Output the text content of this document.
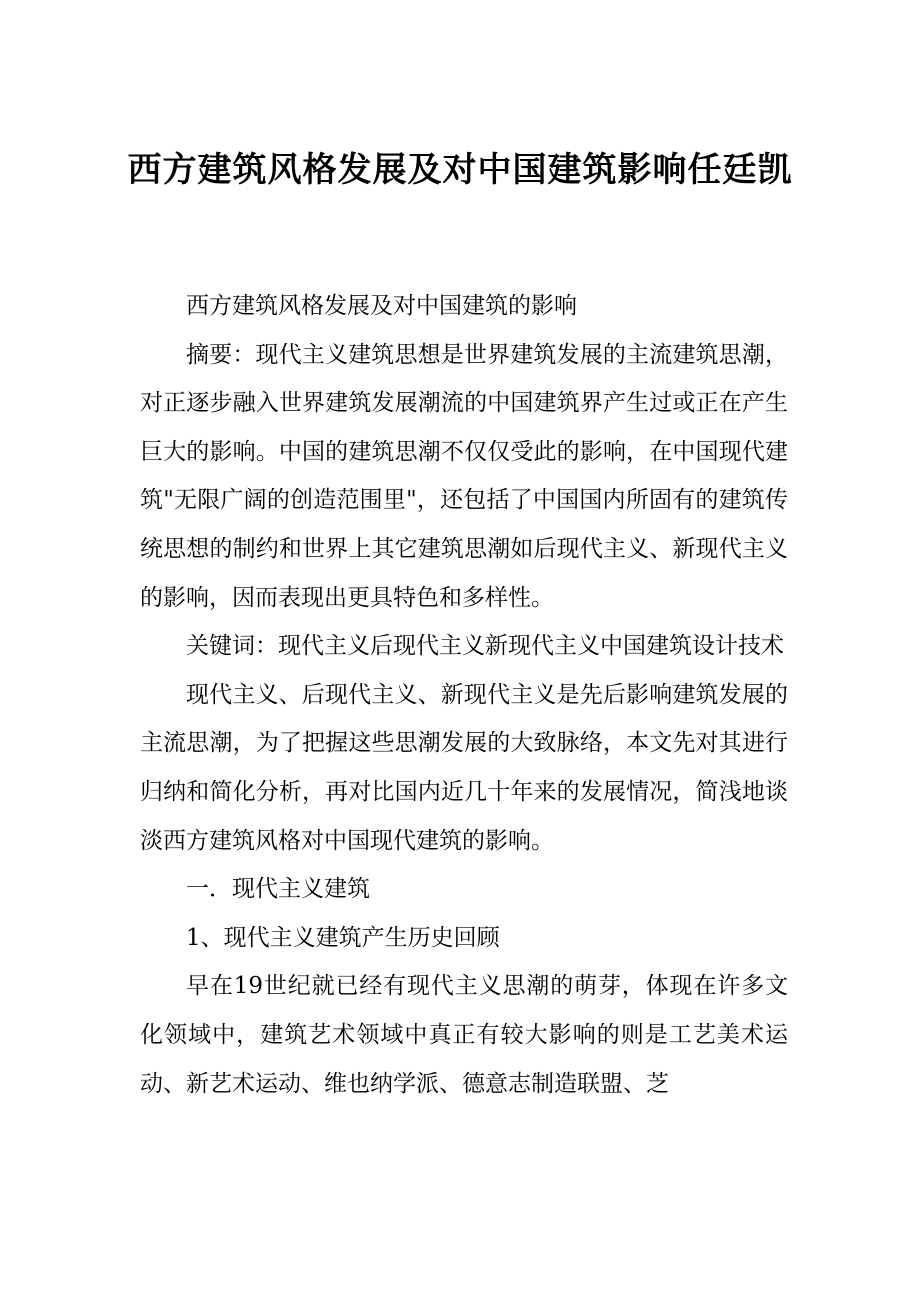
西方建筑风格发展及对中国建筑影响任廷凯

西方建筑风格发展及对中国建筑的影响

摘要：现代主义建筑思想是世界建筑发展的主流建筑思潮，对正逐步融入世界建筑发展潮流的中国建筑界产生过或正在产生巨大的影响。中国的建筑思潮不仅仅受此的影响，在中国现代建筑"无限广阔的创造范围里"，还包括了中国国内所固有的建筑传统思想的制约和世界上其它建筑思潮如后现代主义、新现代主义的影响，因而表现出更具特色和多样性。

关键词：现代主义后现代主义新现代主义中国建筑设计技术

现代主义、后现代主义、新现代主义是先后影响建筑发展的主流思潮，为了把握这些思潮发展的大致脉络，本文先对其进行归纳和简化分析，再对比国内近几十年来的发展情况，简浅地谈淡西方建筑风格对中国现代建筑的影响。

一．现代主义建筑

1、现代主义建筑产生历史回顾

早在19世纪就已经有现代主义思潮的萌芽，体现在许多文化领域中，建筑艺术领域中真正有较大影响的则是工艺美术运动、新艺术运动、维也纳学派、德意志制造联盟、芝
